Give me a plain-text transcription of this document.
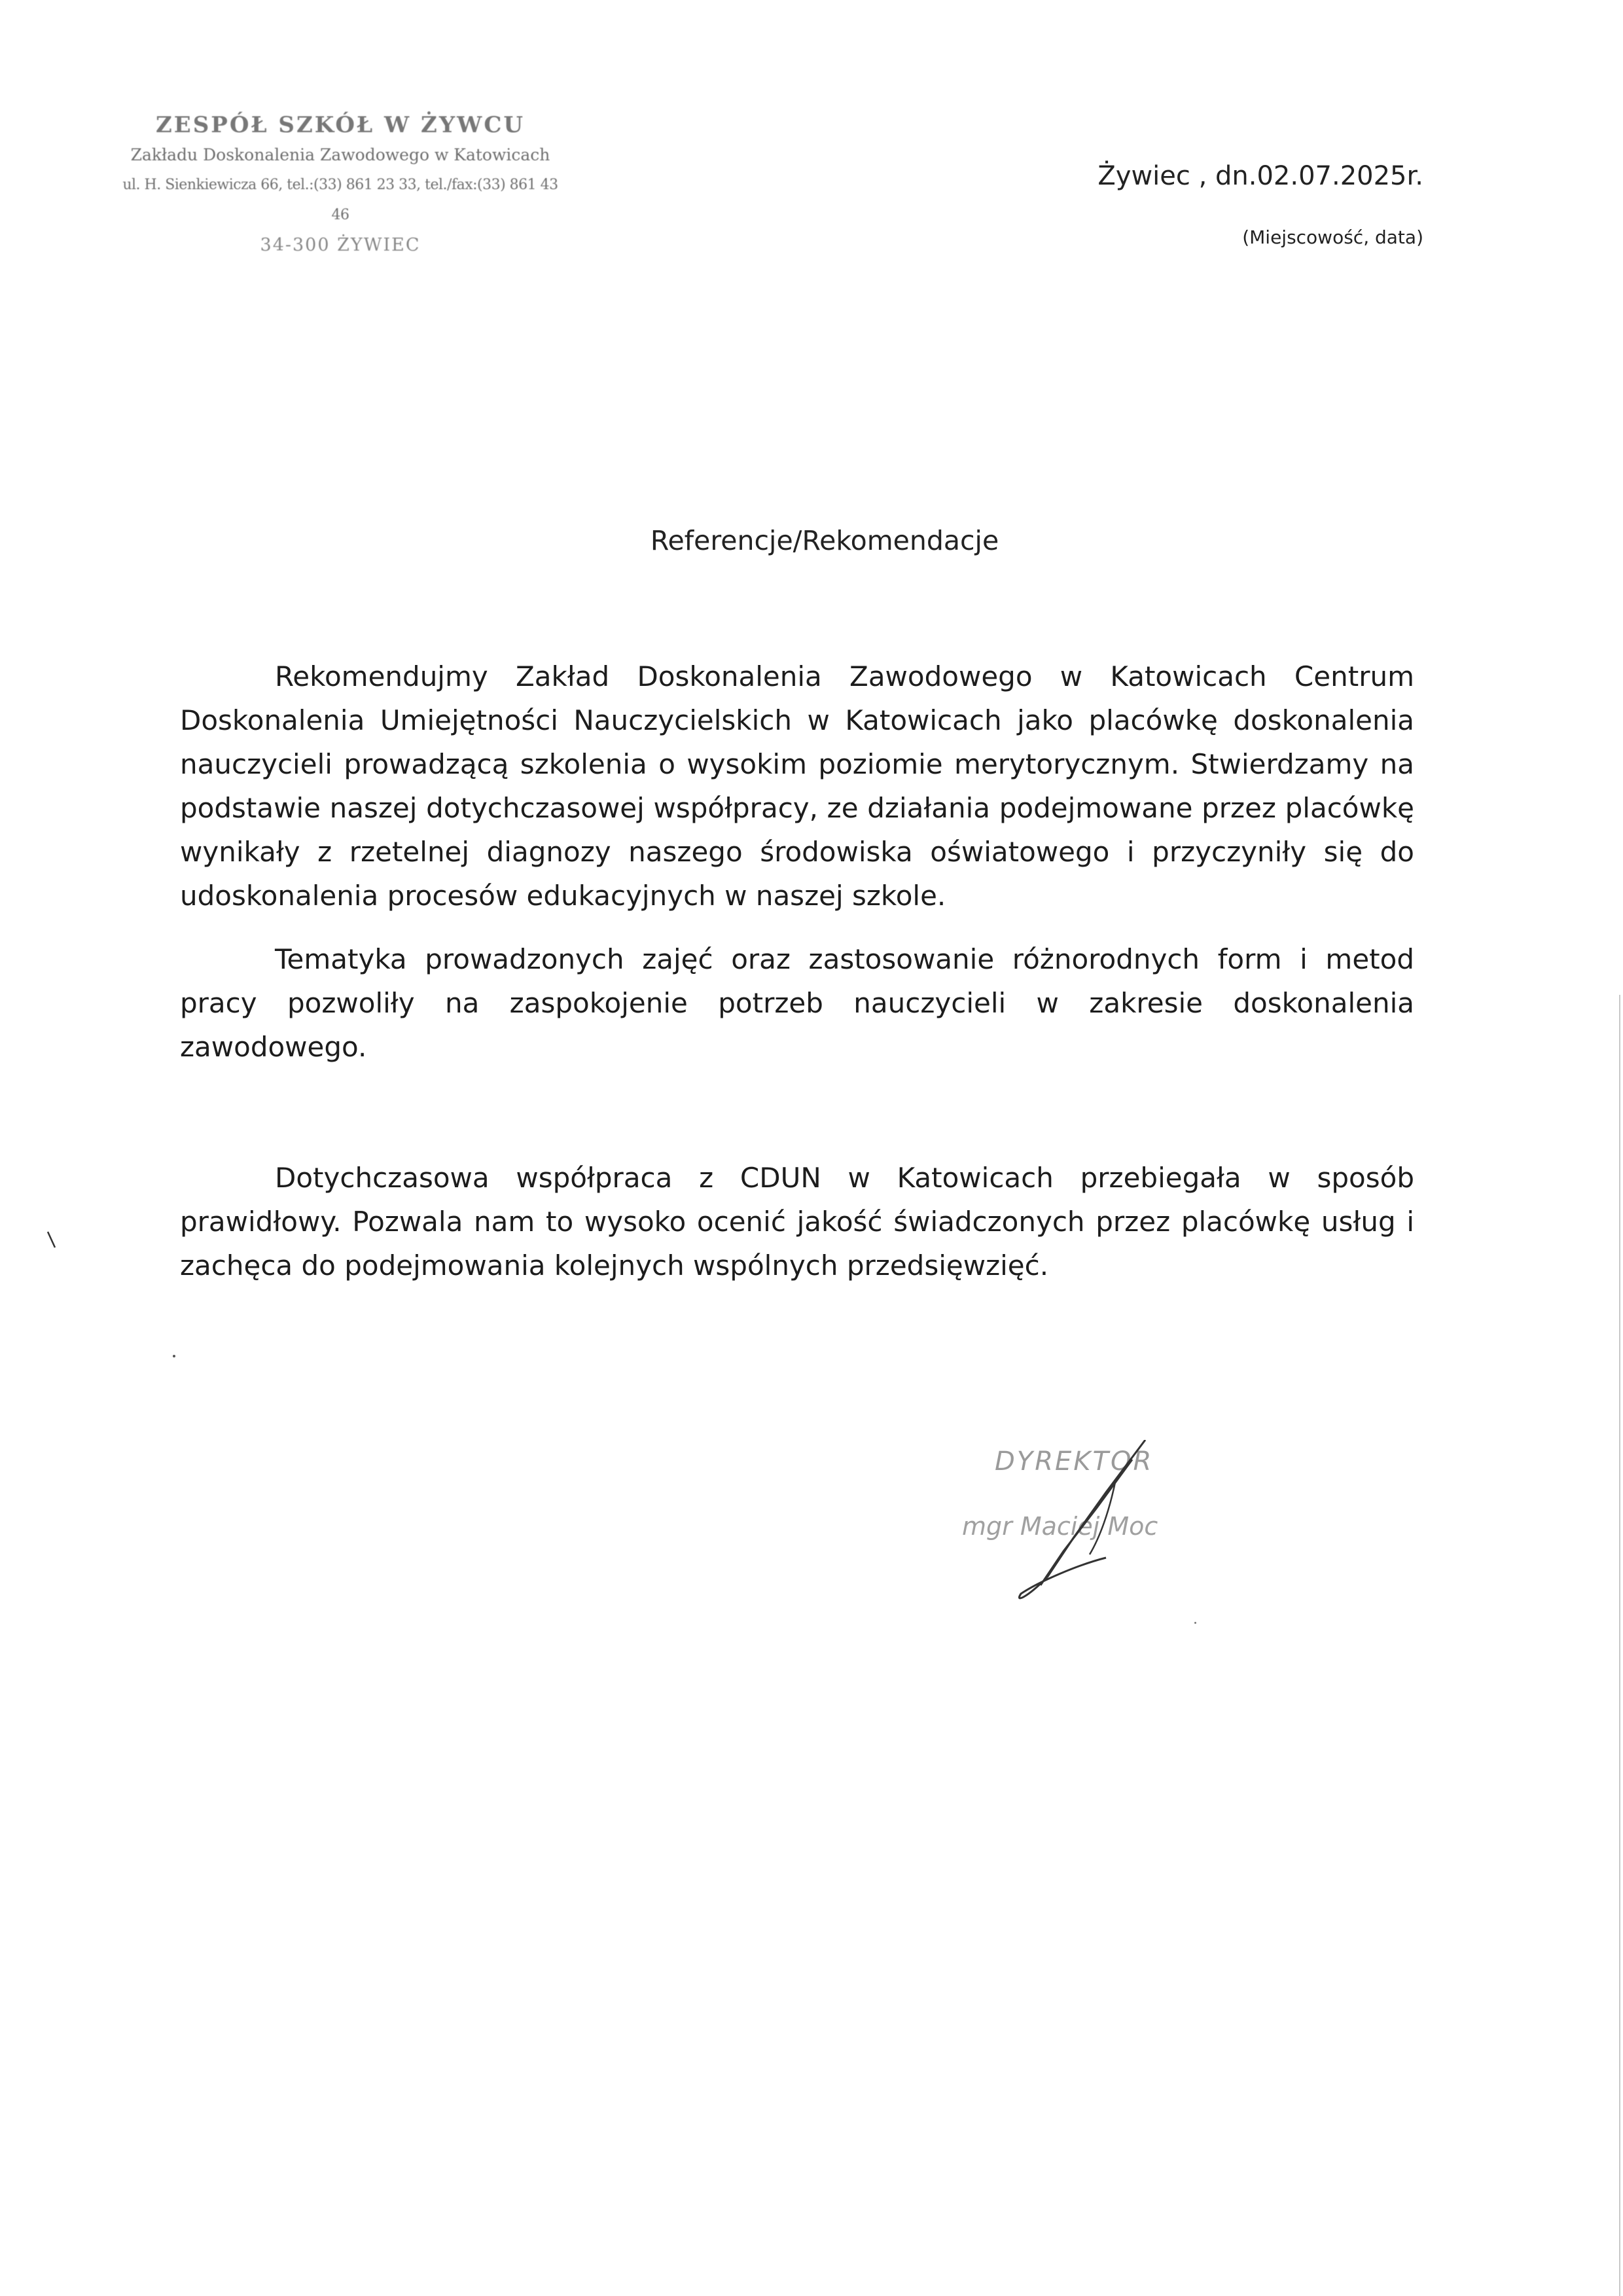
ZESPÓŁ SZKÓŁ W ŻYWCU
Zakładu Doskonalenia Zawodowego w Katowicach
ul. H. Sienkiewicza 66, tel.:(33) 861 23 33, tel./fax:(33) 861 43 46
34-300 ŻYWIEC
Żywiec , dn.02.07.2025r.
(Miejscowość, data)
Referencje/Rekomendacje

Rekomendujmy Zakład Doskonalenia Zawodowego w Katowicach Centrum Doskonalenia Umiejętności Nauczycielskich w Katowicach jako placówkę doskonalenia nauczycieli prowadzącą szkolenia o wysokim poziomie merytorycznym. Stwierdzamy na podstawie naszej dotychczasowej współpracy, ze działania podejmowane przez placówkę wynikały z rzetelnej diagnozy naszego środowiska oświatowego i przyczyniły się do udoskonalenia procesów edukacyjnych w naszej szkole.

Tematyka prowadzonych zajęć oraz zastosowanie różnorodnych form i metod pracy pozwoliły na zaspokojenie potrzeb nauczycieli w zakresie doskonalenia zawodowego.

Dotychczasowa współpraca z CDUN w Katowicach przebiegała w sposób prawidłowy. Pozwala nam to wysoko ocenić jakość świadczonych przez placówkę usług i zachęca do podejmowania kolejnych wspólnych przedsięwzięć.

DYREKTOR
mgr Maciej Moc
